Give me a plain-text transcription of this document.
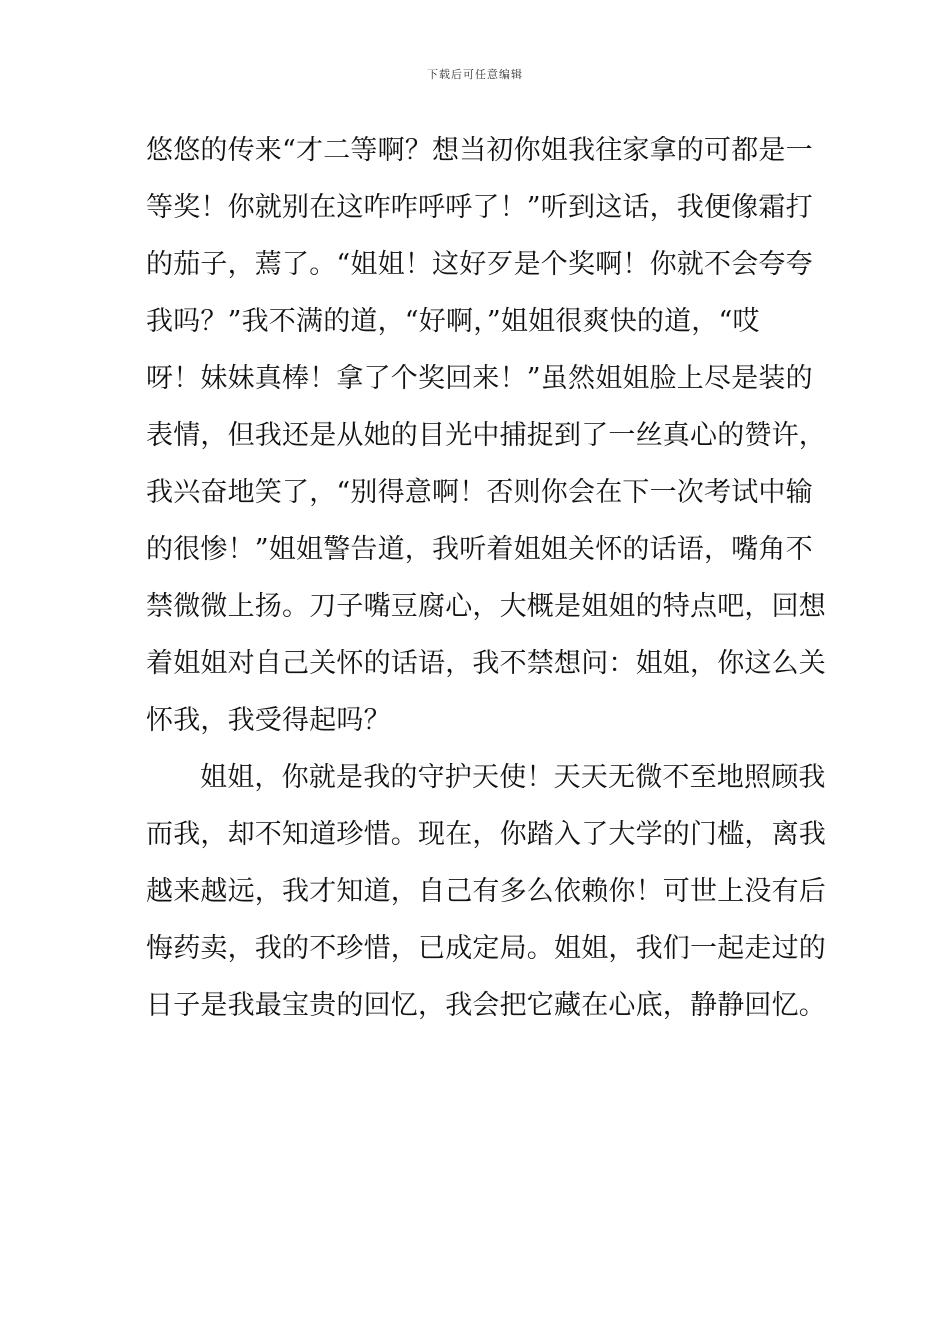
下载后可任意编辑

悠悠的传来“才二等啊？想当初你姐我往家拿的可都是一
等奖！你就别在这咋咋呼呼了！”听到这话，我便像霜打
的茄子，蔫了。“姐姐！这好歹是个奖啊！你就不会夸夸
我吗？”我不满的道，“好啊，”姐姐很爽快的道，“哎
呀！妹妹真棒！拿了个奖回来！”虽然姐姐脸上尽是装的
表情，但我还是从她的目光中捕捉到了一丝真心的赞许，
我兴奋地笑了，“别得意啊！否则你会在下一次考试中输
的很惨！”姐姐警告道，我听着姐姐关怀的话语，嘴角不
禁微微上扬。刀子嘴豆腐心，大概是姐姐的特点吧，回想
着姐姐对自己关怀的话语，我不禁想问：姐姐，你这么关
怀我，我受得起吗？

姐姐，你就是我的守护天使！天天无微不至地照顾我
而我，却不知道珍惜。现在，你踏入了大学的门槛，离我
越来越远，我才知道，自己有多么依赖你！可世上没有后
悔药卖，我的不珍惜，已成定局。姐姐，我们一起走过的
日子是我最宝贵的回忆，我会把它藏在心底，静静回忆。
